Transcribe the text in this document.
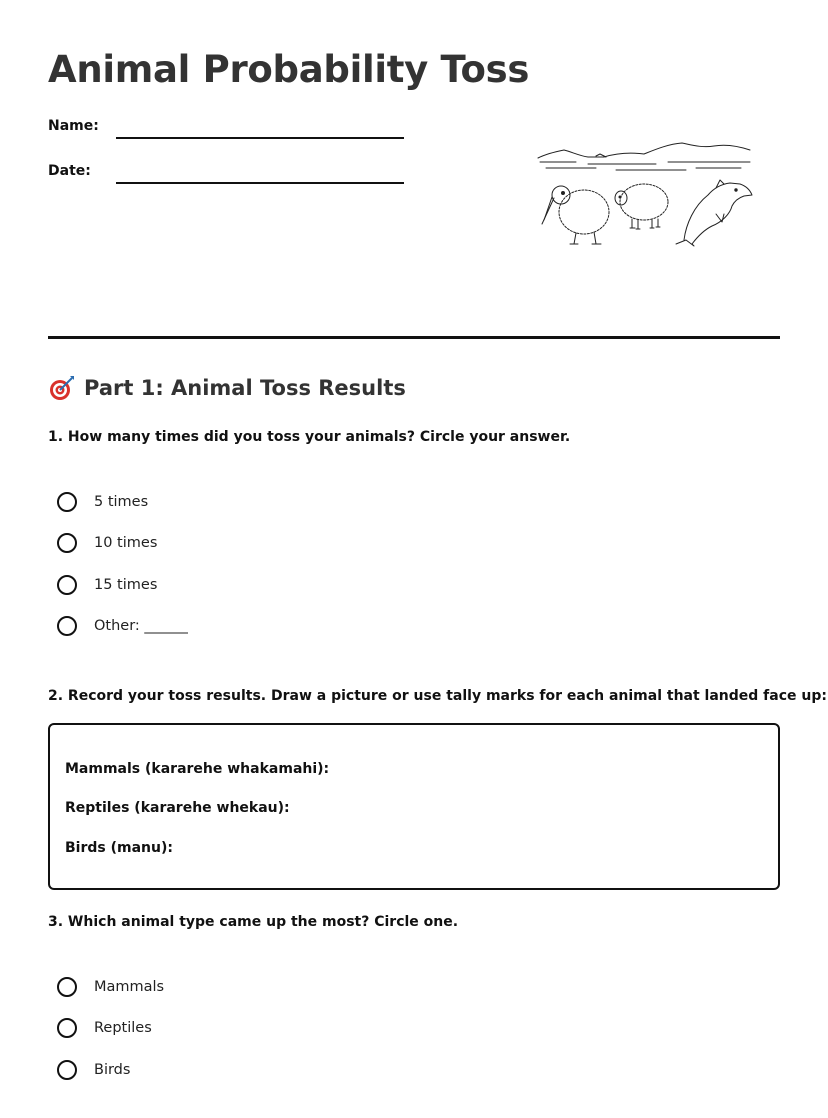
Animal Probability Toss
Name:
Date:
Part 1: Animal Toss Results
1. How many times did you toss your animals? Circle your answer.
5 times
10 times
15 times
Other: ______
2. Record your toss results. Draw a picture or use tally marks for each animal that landed face up:
Mammals (kararehe whakamahi):
Reptiles (kararehe whekau):
Birds (manu):
3. Which animal type came up the most? Circle one.
Mammals
Reptiles
Birds
